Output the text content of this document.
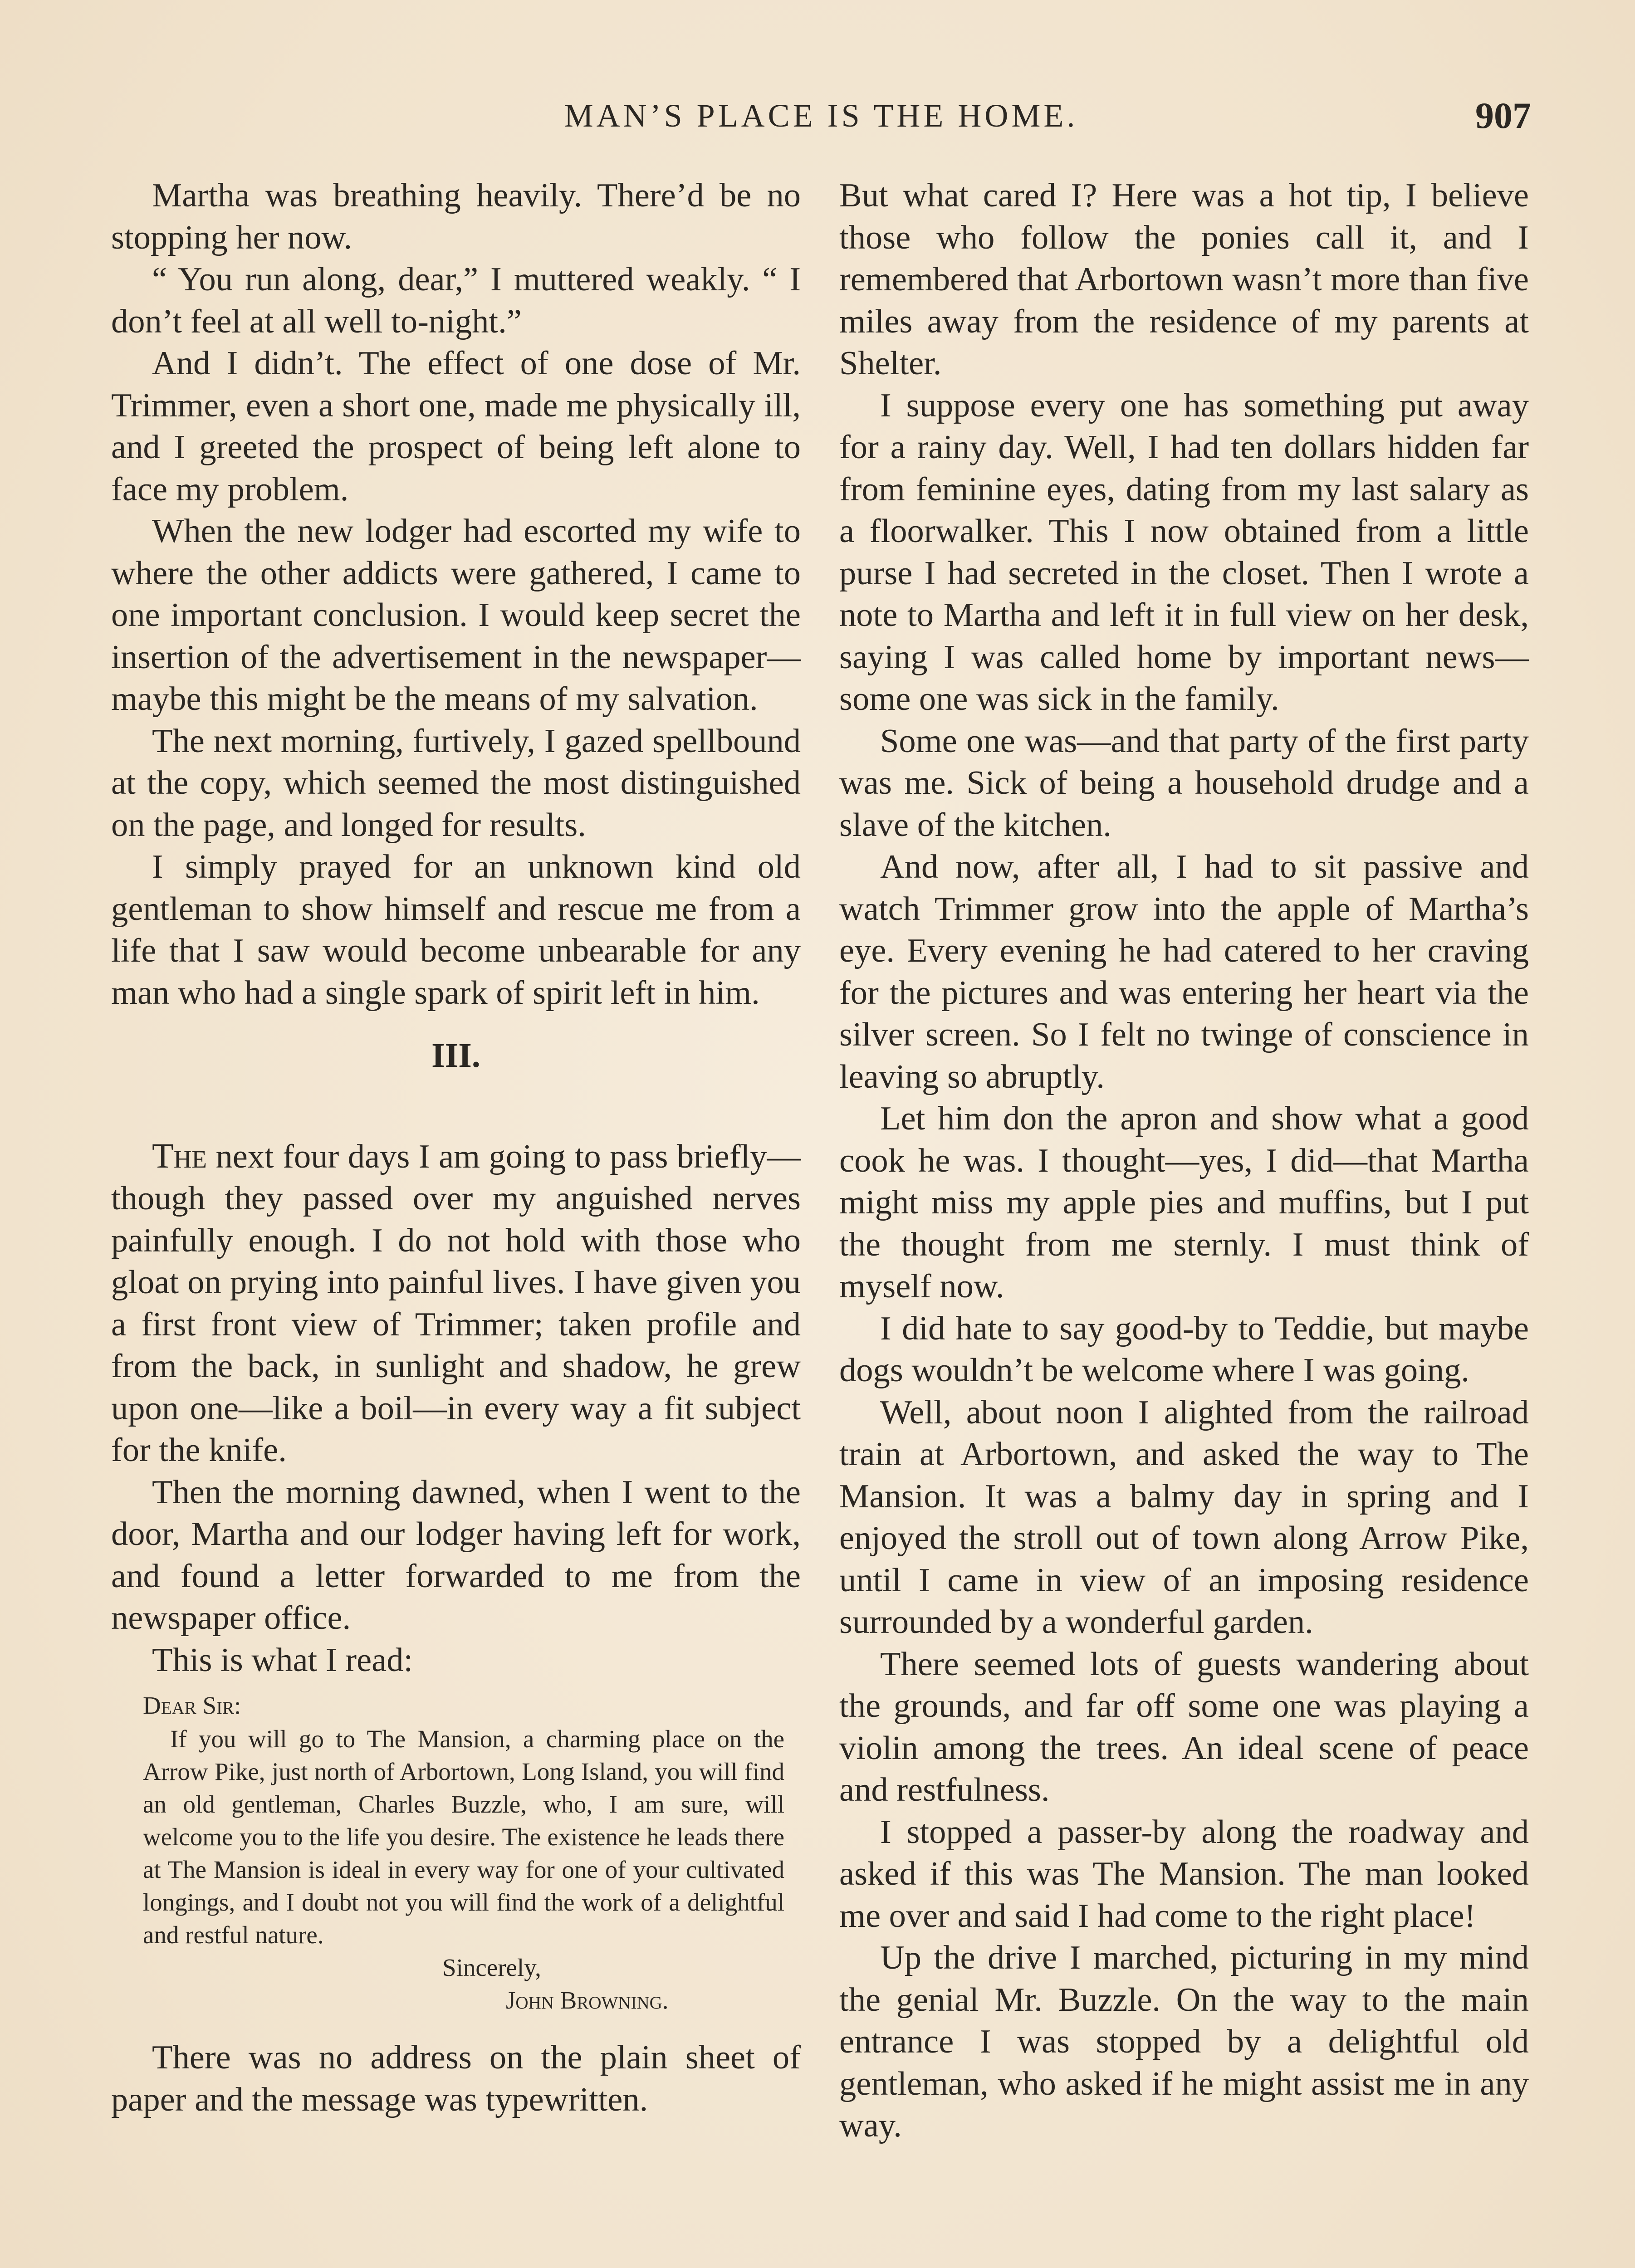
MAN’S PLACE IS THE HOME.	907

Martha was breathing heavily. There’d be no stopping her now.

“ You run along, dear,” I muttered weakly. “ I don’t feel at all well to-night.”

And I didn’t. The effect of one dose of Mr. Trimmer, even a short one, made me physically ill, and I greeted the prospect of being left alone to face my problem.

When the new lodger had escorted my wife to where the other addicts were gathered, I came to one important conclusion. I would keep secret the insertion of the advertisement in the newspaper—maybe this might be the means of my salvation.

The next morning, furtively, I gazed spellbound at the copy, which seemed the most distinguished on the page, and longed for results.

I simply prayed for an unknown kind old gentleman to show himself and rescue me from a life that I saw would become unbearable for any man who had a single spark of spirit left in him.

III.

The next four days I am going to pass briefly—though they passed over my anguished nerves painfully enough. I do not hold with those who gloat on prying into painful lives. I have given you a first front view of Trimmer; taken profile and from the back, in sunlight and shadow, he grew upon one—like a boil—in every way a fit subject for the knife.

Then the morning dawned, when I went to the door, Martha and our lodger having left for work, and found a letter forwarded to me from the newspaper office.

This is what I read:

Dear Sir:
If you will go to The Mansion, a charming place on the Arrow Pike, just north of Arbortown, Long Island, you will find an old gentleman, Charles Buzzle, who, I am sure, will welcome you to the life you desire. The existence he leads there at The Mansion is ideal in every way for one of your cultivated longings, and I doubt not you will find the work of a delightful and restful nature.
Sincerely,
John Browning.

There was no address on the plain sheet of paper and the message was typewritten.

But what cared I? Here was a hot tip, I believe those who follow the ponies call it, and I remembered that Arbortown wasn’t more than five miles away from the residence of my parents at Shelter.

I suppose every one has something put away for a rainy day. Well, I had ten dollars hidden far from feminine eyes, dating from my last salary as a floorwalker. This I now obtained from a little purse I had secreted in the closet. Then I wrote a note to Martha and left it in full view on her desk, saying I was called home by important news—some one was sick in the family.

Some one was—and that party of the first party was me. Sick of being a household drudge and a slave of the kitchen.

And now, after all, I had to sit passive and watch Trimmer grow into the apple of Martha’s eye. Every evening he had catered to her craving for the pictures and was entering her heart via the silver screen. So I felt no twinge of conscience in leaving so abruptly.

Let him don the apron and show what a good cook he was. I thought—yes, I did—that Martha might miss my apple pies and muffins, but I put the thought from me sternly. I must think of myself now.

I did hate to say good-by to Teddie, but maybe dogs wouldn’t be welcome where I was going.

Well, about noon I alighted from the railroad train at Arbortown, and asked the way to The Mansion. It was a balmy day in spring and I enjoyed the stroll out of town along Arrow Pike, until I came in view of an imposing residence surrounded by a wonderful garden.

There seemed lots of guests wandering about the grounds, and far off some one was playing a violin among the trees. An ideal scene of peace and restfulness.

I stopped a passer-by along the roadway and asked if this was The Mansion. The man looked me over and said I had come to the right place!

Up the drive I marched, picturing in my mind the genial Mr. Buzzle. On the way to the main entrance I was stopped by a delightful old gentleman, who asked if he might assist me in any way.
